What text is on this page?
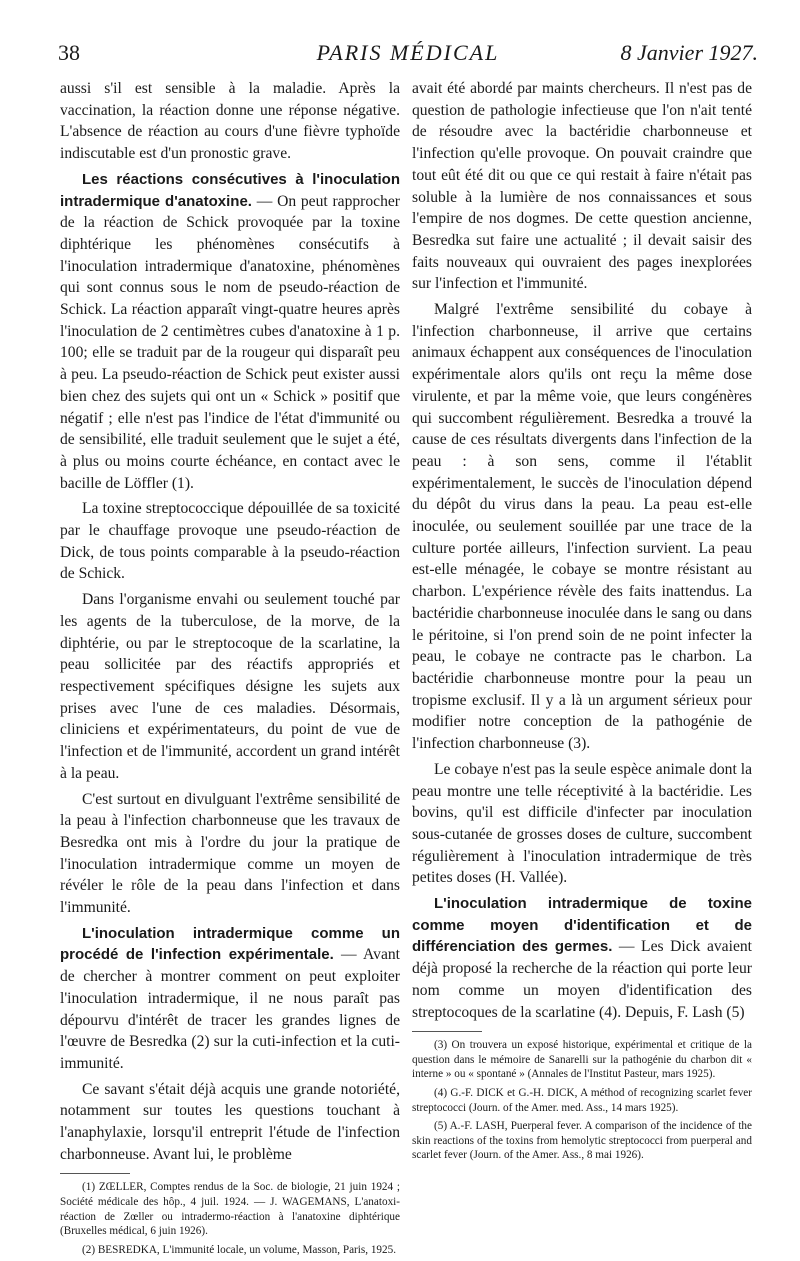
38	PARIS MÉDICAL	8 Janvier 1927.

aussi s'il est sensible à la maladie. Après la vaccination, la réaction donne une réponse négative. L'absence de réaction au cours d'une fièvre typhoïde indiscutable est d'un pronostic grave.

Les réactions consécutives à l'inoculation intradermique d'anatoxine. — On peut rapprocher de la réaction de Schick provoquée par la toxine diphtérique les phénomènes consécutifs à l'inoculation intradermique d'anatoxine, phénomènes qui sont connus sous le nom de pseudo-réaction de Schick. La réaction apparaît vingt-quatre heures après l'inoculation de 2 centimètres cubes d'anatoxine à 1 p. 100; elle se traduit par de la rougeur qui disparaît peu à peu. La pseudo-réaction de Schick peut exister aussi bien chez des sujets qui ont un « Schick » positif que négatif ; elle n'est pas l'indice de l'état d'immunité ou de sensibilité, elle traduit seulement que le sujet a été, à plus ou moins courte échéance, en contact avec le bacille de Löffler (1).

La toxine streptococcique dépouillée de sa toxicité par le chauffage provoque une pseudo-réaction de Dick, de tous points comparable à la pseudo-réaction de Schick.

Dans l'organisme envahi ou seulement touché par les agents de la tuberculose, de la morve, de la diphtérie, ou par le streptocoque de la scarlatine, la peau sollicitée par des réactifs appropriés et respectivement spécifiques désigne les sujets aux prises avec l'une de ces maladies. Désormais, cliniciens et expérimentateurs, du point de vue de l'infection et de l'immunité, accordent un grand intérêt à la peau.

C'est surtout en divulguant l'extrême sensibilité de la peau à l'infection charbonneuse que les travaux de Besredka ont mis à l'ordre du jour la pratique de l'inoculation intradermique comme un moyen de révéler le rôle de la peau dans l'infection et dans l'immunité.

L'inoculation intradermique comme un procédé de l'infection expérimentale. — Avant de chercher à montrer comment on peut exploiter l'inoculation intradermique, il ne nous paraît pas dépourvu d'intérêt de tracer les grandes lignes de l'œuvre de Besredka (2) sur la cuti-infection et la cuti-immunité.

Ce savant s'était déjà acquis une grande notoriété, notamment sur toutes les questions touchant à l'anaphylaxie, lorsqu'il entreprit l'étude de l'infection charbonneuse. Avant lui, le problème

(1) ZŒLLER, Comptes rendus de la Soc. de biologie, 21 juin 1924 ; Société médicale des hôp., 4 juil. 1924. — J. WAGEMANS, L'anatoxi-réaction de Zœller ou intradermo-réaction à l'anatoxine diphtérique (Bruxelles médical, 6 juin 1926).

(2) BESREDKA, L'immunité locale, un volume, Masson, Paris, 1925.

avait été abordé par maints chercheurs. Il n'est pas de question de pathologie infectieuse que l'on n'ait tenté de résoudre avec la bactéridie charbonneuse et l'infection qu'elle provoque. On pouvait craindre que tout eût été dit ou que ce qui restait à faire n'était pas soluble à la lumière de nos connaissances et sous l'empire de nos dogmes. De cette question ancienne, Besredka sut faire une actualité ; il devait saisir des faits nouveaux qui ouvraient des pages inexplorées sur l'infection et l'immunité.

Malgré l'extrême sensibilité du cobaye à l'infection charbonneuse, il arrive que certains animaux échappent aux conséquences de l'inoculation expérimentale alors qu'ils ont reçu la même dose virulente, et par la même voie, que leurs congénères qui succombent régulièrement. Besredka a trouvé la cause de ces résultats divergents dans l'infection de la peau : à son sens, comme il l'établit expérimentalement, le succès de l'inoculation dépend du dépôt du virus dans la peau. La peau est-elle inoculée, ou seulement souillée par une trace de la culture portée ailleurs, l'infection survient. La peau est-elle ménagée, le cobaye se montre résistant au charbon. L'expérience révèle des faits inattendus. La bactéridie charbonneuse inoculée dans le sang ou dans le péritoine, si l'on prend soin de ne point infecter la peau, le cobaye ne contracte pas le charbon. La bactéridie charbonneuse montre pour la peau un tropisme exclusif. Il y a là un argument sérieux pour modifier notre conception de la pathogénie de l'infection charbonneuse (3).

Le cobaye n'est pas la seule espèce animale dont la peau montre une telle réceptivité à la bactéridie. Les bovins, qu'il est difficile d'infecter par inoculation sous-cutanée de grosses doses de culture, succombent régulièrement à l'inoculation intradermique de très petites doses (H. Vallée).

L'inoculation intradermique de toxine comme moyen d'identification et de différenciation des germes. — Les Dick avaient déjà proposé la recherche de la réaction qui porte leur nom comme un moyen d'identification des streptocoques de la scarlatine (4). Depuis, F. Lash (5)

(3) On trouvera un exposé historique, expérimental et critique de la question dans le mémoire de Sanarelli sur la pathogénie du charbon dit « interne » ou « spontané » (Annales de l'Institut Pasteur, mars 1925).

(4) G.-F. DICK et G.-H. DICK, A méthod of recognizing scarlet fever streptococci (Journ. of the Amer. med. Ass., 14 mars 1925).

(5) A.-F. LASH, Puerperal fever. A comparison of the incidence of the skin reactions of the toxins from hemolytic streptococci from puerperal and scarlet fever (Journ. of the Amer. Ass., 8 mai 1926).
